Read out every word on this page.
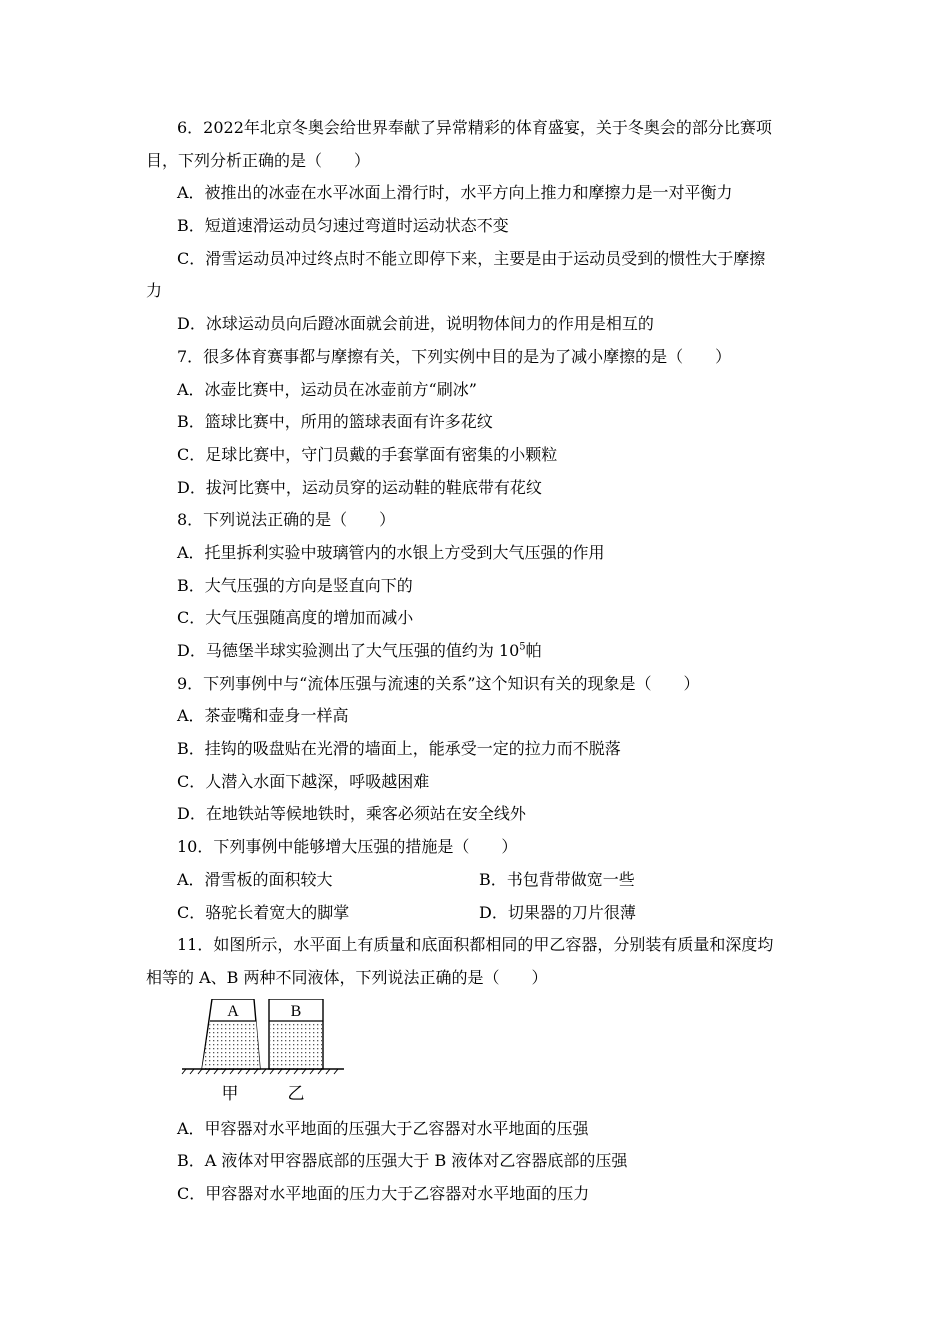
6．2022年北京冬奥会给世界奉献了异常精彩的体育盛宴，关于冬奥会的部分比赛项
目，下列分析正确的是（　　）
A．被推出的冰壶在水平冰面上滑行时，水平方向上推力和摩擦力是一对平衡力
B．短道速滑运动员匀速过弯道时运动状态不变
C．滑雪运动员冲过终点时不能立即停下来，主要是由于运动员受到的惯性大于摩擦
力
D．冰球运动员向后蹬冰面就会前进，说明物体间力的作用是相互的
7．很多体育赛事都与摩擦有关，下列实例中目的是为了减小摩擦的是（　　）
A．冰壶比赛中，运动员在冰壶前方“刷冰”
B．篮球比赛中，所用的篮球表面有许多花纹
C．足球比赛中，守门员戴的手套掌面有密集的小颗粒
D．拔河比赛中，运动员穿的运动鞋的鞋底带有花纹
8．下列说法正确的是（　　）
A．托里拆利实验中玻璃管内的水银上方受到大气压强的作用
B．大气压强的方向是竖直向下的
C．大气压强随高度的增加而减小
D．马德堡半球实验测出了大气压强的值约为 $10^5$帕
9．下列事例中与“流体压强与流速的关系”这个知识有关的现象是（　　）
A．茶壶嘴和壶身一样高
B．挂钩的吸盘贴在光滑的墙面上，能承受一定的拉力而不脱落
C．人潜入水面下越深，呼吸越困难
D．在地铁站等候地铁时，乘客必须站在安全线外
10．下列事例中能够增大压强的措施是（　　）
A．滑雪板的面积较大	B．书包背带做宽一些
C．骆驼长着宽大的脚掌	D．切果器的刀片很薄
11．如图所示，水平面上有质量和底面积都相同的甲乙容器，分别装有质量和深度均
相等的 A、B 两种不同液体，下列说法正确的是（　　）
A	B
甲	乙
A．甲容器对水平地面的压强大于乙容器对水平地面的压强
B．A 液体对甲容器底部的压强大于 B 液体对乙容器底部的压强
C．甲容器对水平地面的压力大于乙容器对水平地面的压力
